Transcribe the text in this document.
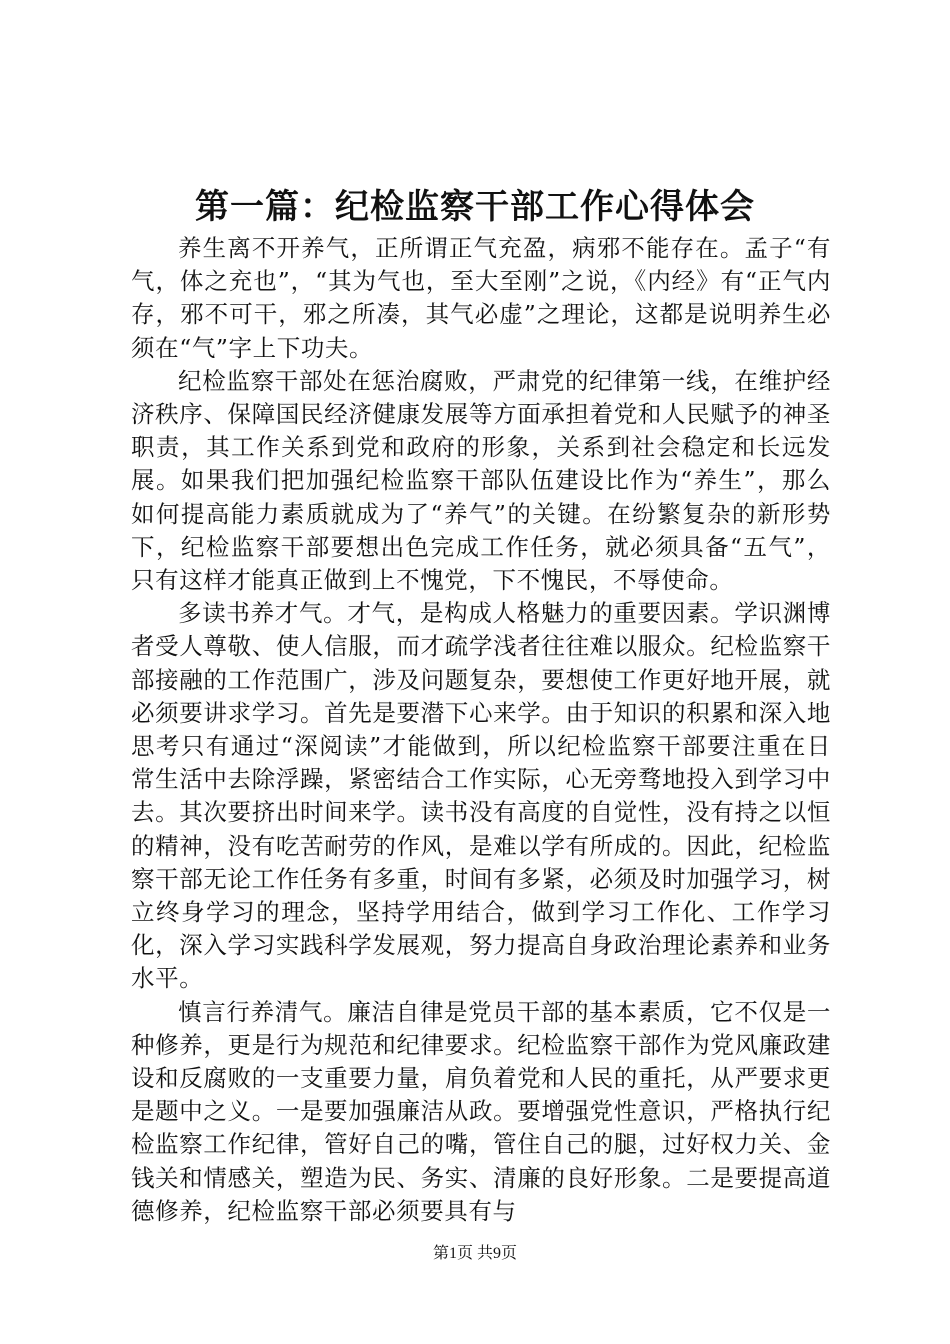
第一篇：纪检监察干部工作心得体会

养生离不开养气，正所谓正气充盈，病邪不能存在。孟子“有气，体之充也”，“其为气也，至大至刚”之说，《内经》有“正气内存，邪不可干，邪之所凑，其气必虚”之理论，这都是说明养生必须在“气”字上下功夫。

纪检监察干部处在惩治腐败，严肃党的纪律第一线，在维护经济秩序、保障国民经济健康发展等方面承担着党和人民赋予的神圣职责，其工作关系到党和政府的形象，关系到社会稳定和长远发展。如果我们把加强纪检监察干部队伍建设比作为“养生”，那么如何提高能力素质就成为了“养气”的关键。在纷繁复杂的新形势下，纪检监察干部要想出色完成工作任务，就必须具备“五气”，只有这样才能真正做到上不愧党，下不愧民，不辱使命。

多读书养才气。才气，是构成人格魅力的重要因素。学识渊博者受人尊敬、使人信服，而才疏学浅者往往难以服众。纪检监察干部接融的工作范围广，涉及问题复杂，要想使工作更好地开展，就必须要讲求学习。首先是要潜下心来学。由于知识的积累和深入地思考只有通过“深阅读”才能做到，所以纪检监察干部要注重在日常生活中去除浮躁，紧密结合工作实际，心无旁骛地投入到学习中去。其次要挤出时间来学。读书没有高度的自觉性，没有持之以恒的精神，没有吃苦耐劳的作风，是难以学有所成的。因此，纪检监察干部无论工作任务有多重，时间有多紧，必须及时加强学习，树立终身学习的理念，坚持学用结合，做到学习工作化、工作学习化，深入学习实践科学发展观，努力提高自身政治理论素养和业务水平。

慎言行养清气。廉洁自律是党员干部的基本素质，它不仅是一种修养，更是行为规范和纪律要求。纪检监察干部作为党风廉政建设和反腐败的一支重要力量，肩负着党和人民的重托，从严要求更是题中之义。一是要加强廉洁从政。要增强党性意识，严格执行纪检监察工作纪律，管好自己的嘴，管住自己的腿，过好权力关、金钱关和情感关，塑造为民、务实、清廉的良好形象。二是要提高道德修养，纪检监察干部必须要具有与

第1页 共9页
